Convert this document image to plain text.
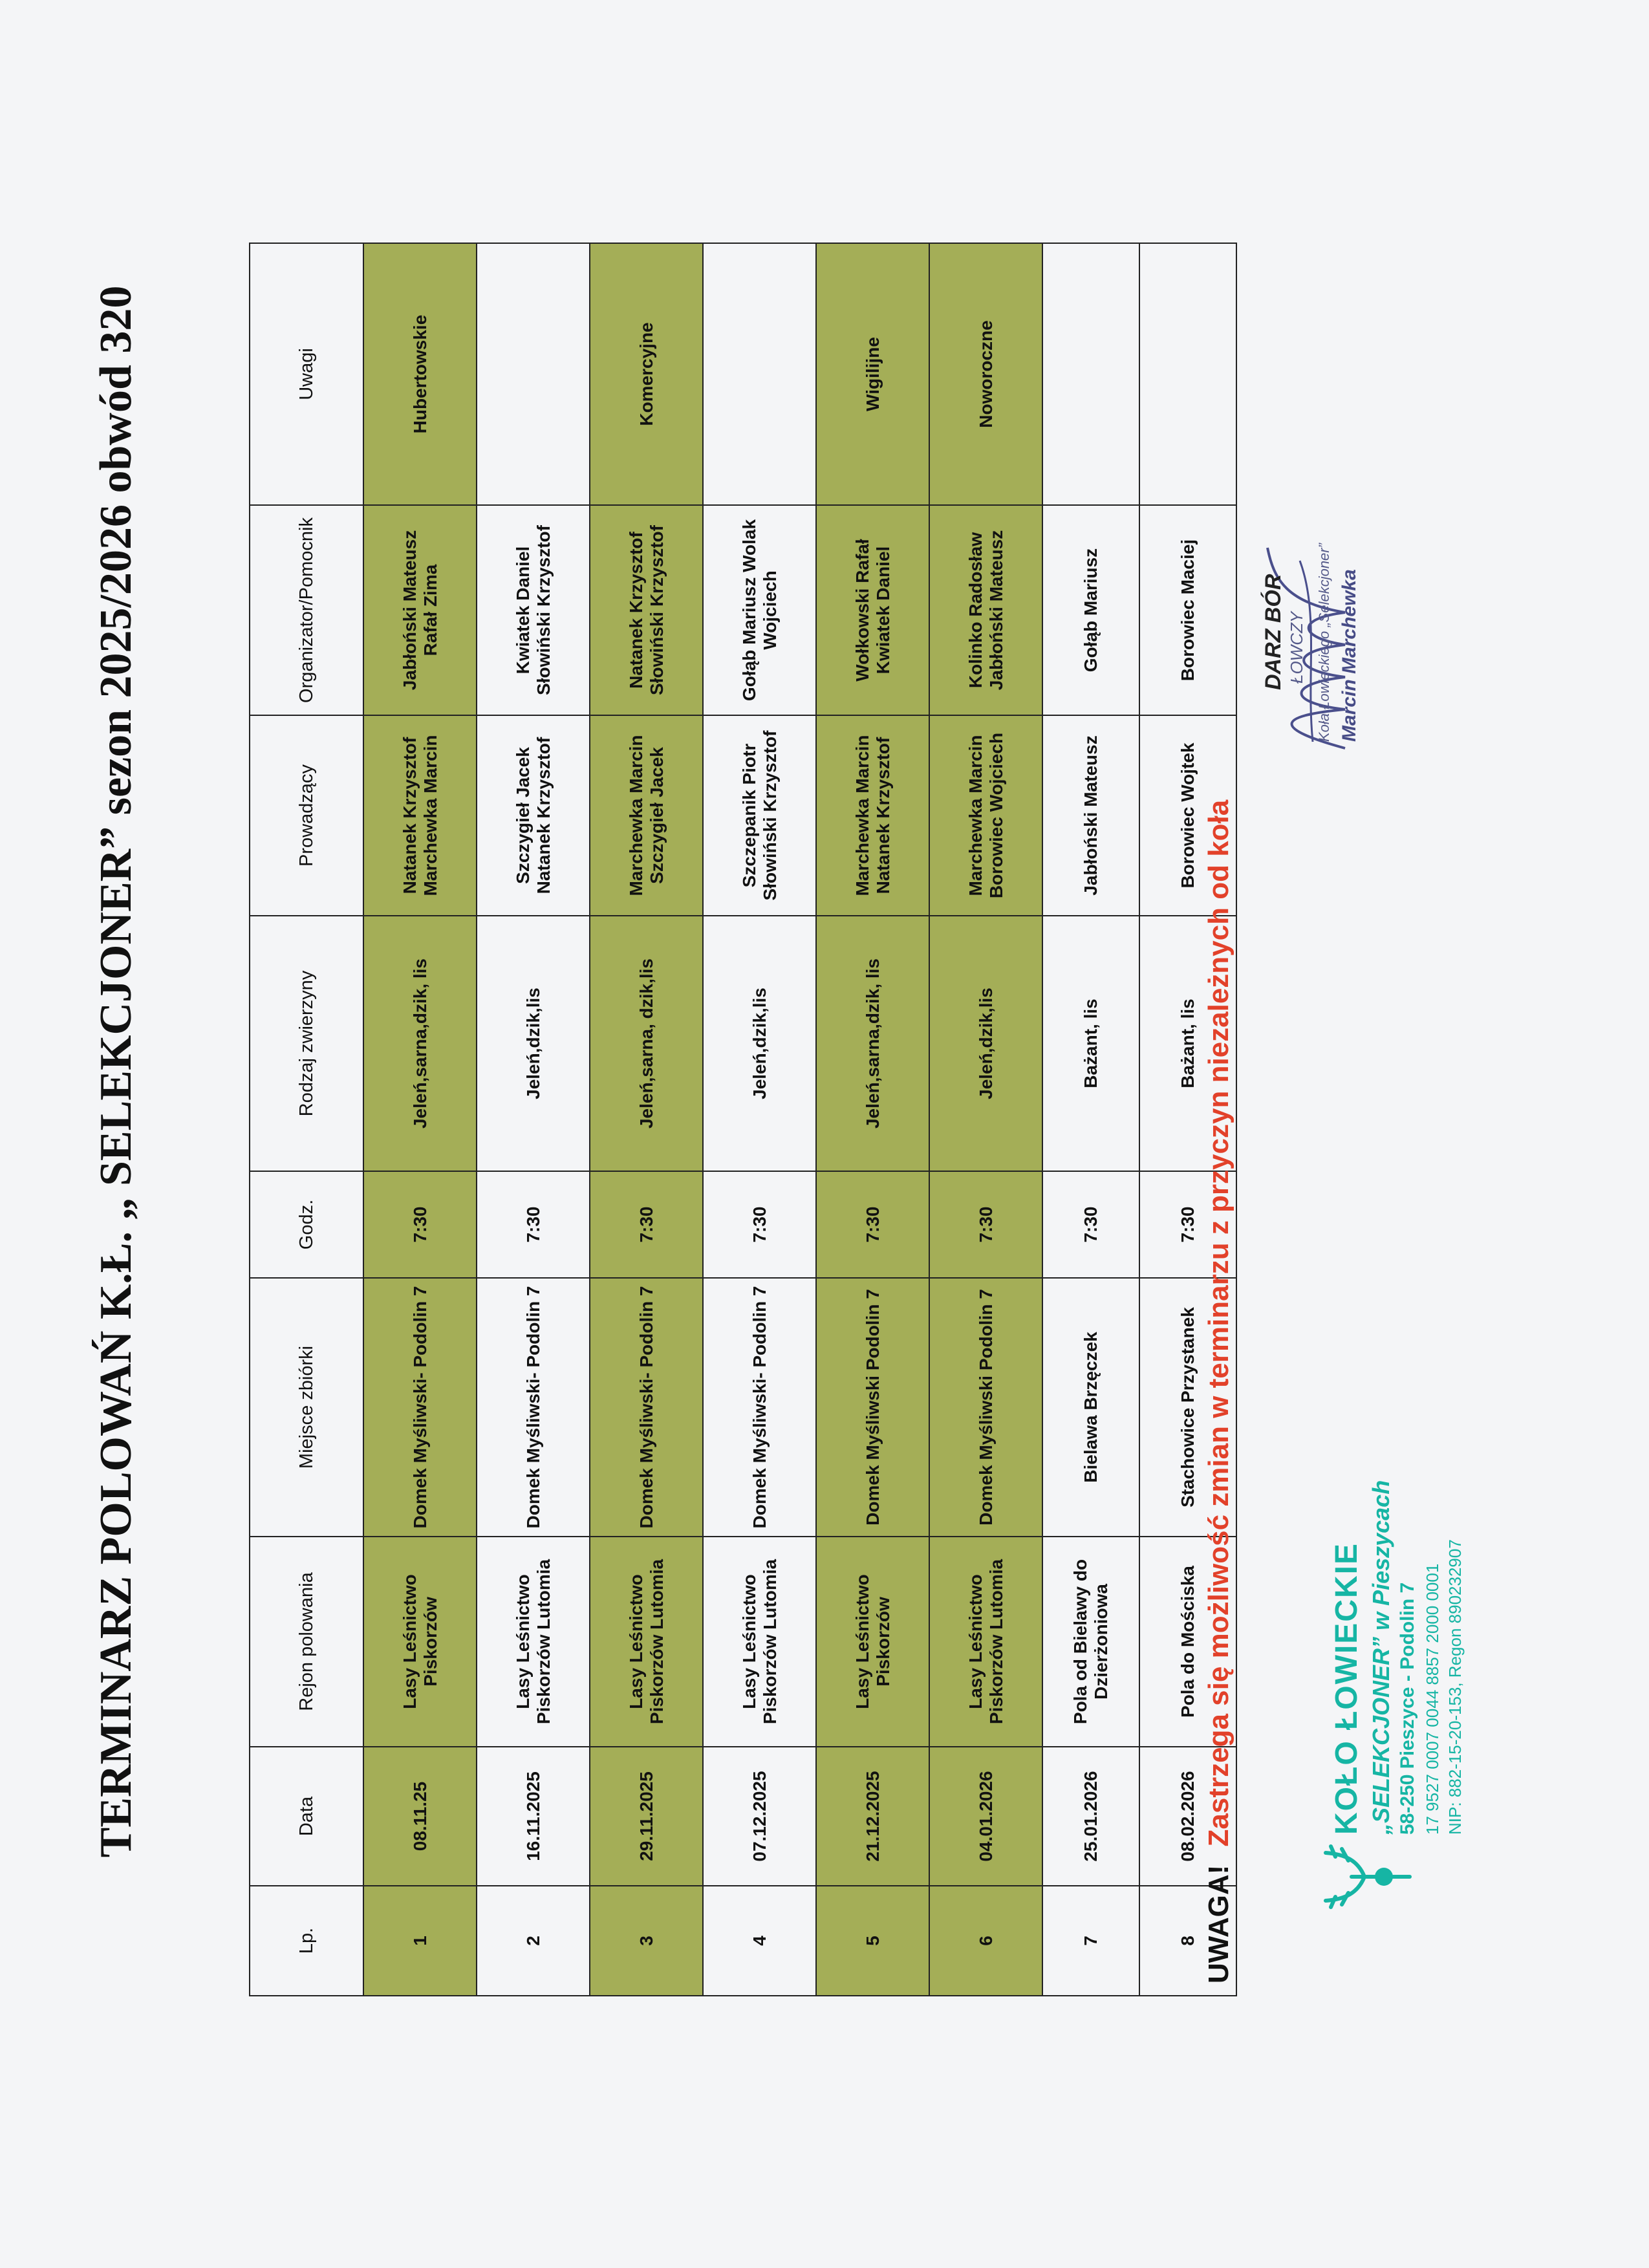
TERMINARZ POLOWAŃ K.Ł. „ SELEKCJONER” sezon 2025/2026 obwód 320
Lp.	Data	Rejon polowania	Miejsce zbiórki	Godz.	Rodzaj zwierzyny	Prowadzący	Organizator/Pomocnik	Uwagi
1	08.11.25	Lasy Leśnictwo Piskorzów	Domek Myśliwski- Podolin 7	7:30	Jeleń,sarna,dzik, lis	Natanek Krzysztof Marchewka Marcin	Jabłoński Mateusz Rafał Zima	Hubertowskie
2	16.11.2025	Lasy Leśnictwo Piskorzów Lutomia	Domek Myśliwski- Podolin 7	7:30	Jeleń,dzik,lis	Szczygieł Jacek Natanek Krzysztof	Kwiatek Daniel Słowiński Krzysztof	
3	29.11.2025	Lasy Leśnictwo Piskorzów Lutomia	Domek Myśliwski- Podolin 7	7:30	Jeleń,sarna, dzik,lis	Marchewka Marcin Szczygieł Jacek	Natanek Krzysztof Słowiński Krzysztof	Komercyjne
4	07.12.2025	Lasy Leśnictwo Piskorzów Lutomia	Domek Myśliwski- Podolin 7	7:30	Jeleń,dzik,lis	Szczepanik Piotr Słowiński Krzysztof	Gołąb Mariusz Wolak Wojciech	
5	21.12.2025	Lasy Leśnictwo Piskorzów	Domek Myśliwski Podolin 7	7:30	Jeleń,sarna,dzik, lis	Marchewka Marcin Natanek Krzysztof	Wołkowski Rafał Kwiatek Daniel	Wigilijne
6	04.01.2026	Lasy Leśnictwo Piskorzów Lutomia	Domek Myśliwski Podolin 7	7:30	Jeleń,dzik,lis	Marchewka Marcin Borowiec Wojciech	Kolinko Radosław Jabłoński Mateusz	Noworoczne
7	25.01.2026	Pola od Bielawy do Dzierżoniowa	Bielawa Brzęczek	7:30	Bażant, lis	Jabłoński Mateusz	Gołąb Mariusz	
8	08.02.2026	Pola do Mościska	Stachowice Przystanek	7:30	Bażant, lis	Borowiec Wojtek	Borowiec Maciej	
UWAGA! Zastrzega się możliwość zmian w terminarzu z przyczyn niezależnych od koła
DARZ BÓR ŁOWCZY Koła Łowieckiego „Selekcjoner” Marcin Marchewka
KOŁO ŁOWIECKIE „SELEKCJONER” w Pieszycach 58-250 Pieszyce - Podolin 7 17 9527 0007 0044 8857 2000 0001 NIP: 882-15-20-153, Regon 890232907
